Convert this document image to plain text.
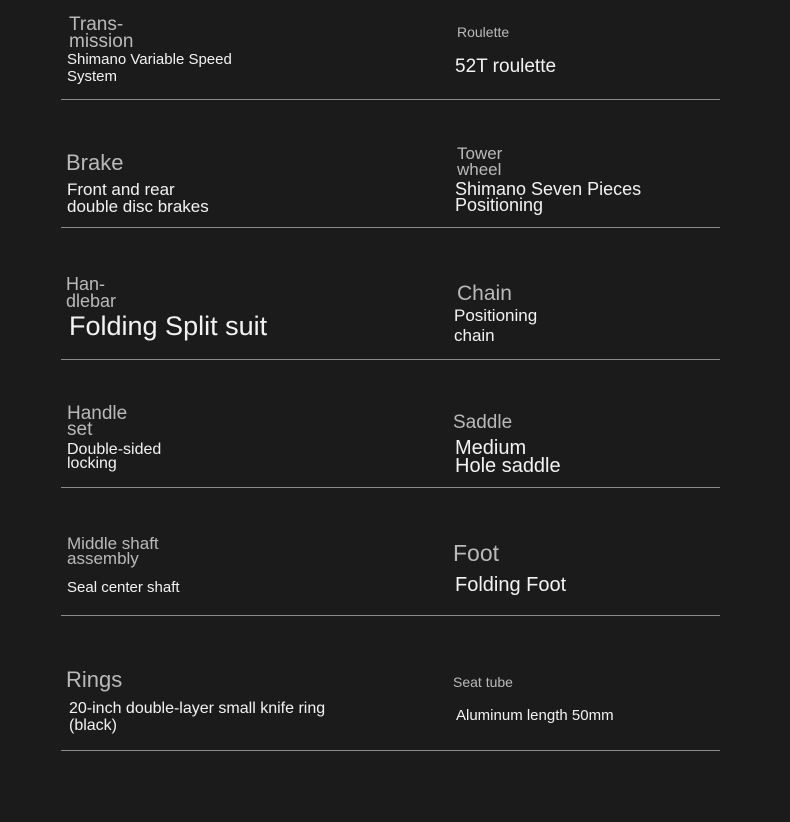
Trans-
mission
Shimano Variable Speed
System
Roulette
52T roulette
Brake
Front and rear
double disc brakes
Tower
wheel
Shimano Seven Pieces
Positioning
Han-
dlebar
Folding Split suit
Chain
Positioning
chain
Handle
set
Double-sided
locking
Saddle
Medium
Hole saddle
Middle shaft
assembly
Seal center shaft
Foot
Folding Foot
Rings
20-inch double-layer small knife ring
(black)
Seat tube
Aluminum length 50mm
